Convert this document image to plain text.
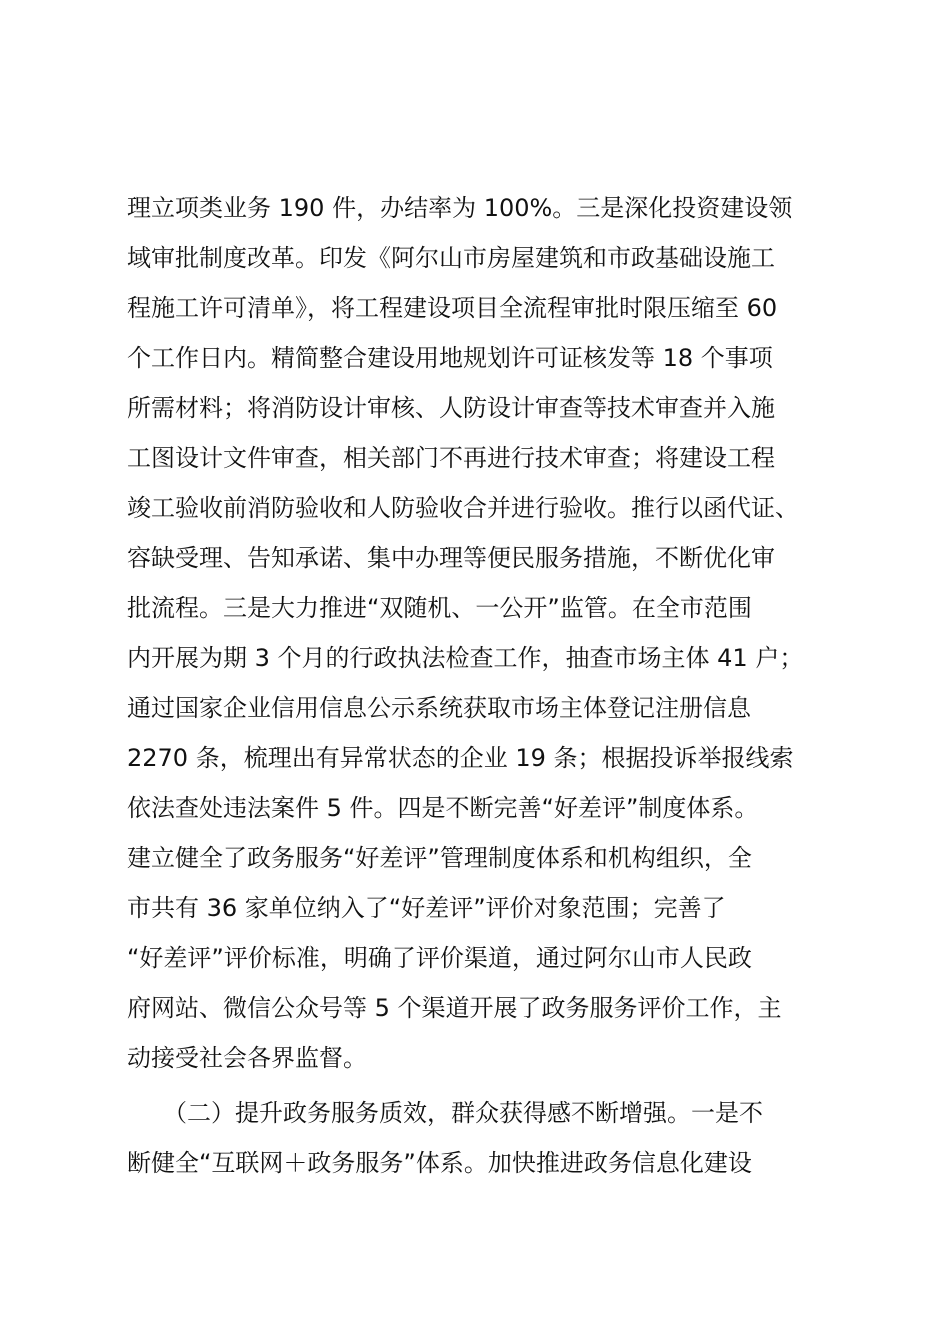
理立项类业务 190 件，办结率为 100%。三是深化投资建设领
域审批制度改革。印发《阿尔山市房屋建筑和市政基础设施工
程施工许可清单》，将工程建设项目全流程审批时限压缩至 60
个工作日内。精简整合建设用地规划许可证核发等 18 个事项
所需材料；将消防设计审核、人防设计审查等技术审查并入施
工图设计文件审查，相关部门不再进行技术审查；将建设工程
竣工验收前消防验收和人防验收合并进行验收。推行以函代证、
容缺受理、告知承诺、集中办理等便民服务措施，不断优化审
批流程。三是大力推进“双随机、一公开”监管。在全市范围
内开展为期 3 个月的行政执法检查工作，抽查市场主体 41 户；
通过国家企业信用信息公示系统获取市场主体登记注册信息
2270 条，梳理出有异常状态的企业 19 条；根据投诉举报线索
依法查处违法案件 5 件。四是不断完善“好差评”制度体系。
建立健全了政务服务“好差评”管理制度体系和机构组织，全
市共有 36 家单位纳入了“好差评”评价对象范围；完善了
“好差评”评价标准，明确了评价渠道，通过阿尔山市人民政
府网站、微信公众号等 5 个渠道开展了政务服务评价工作，主
动接受社会各界监督。
　　（二）提升政务服务质效，群众获得感不断增强。一是不
断健全“互联网＋政务服务”体系。加快推进政务信息化建设
